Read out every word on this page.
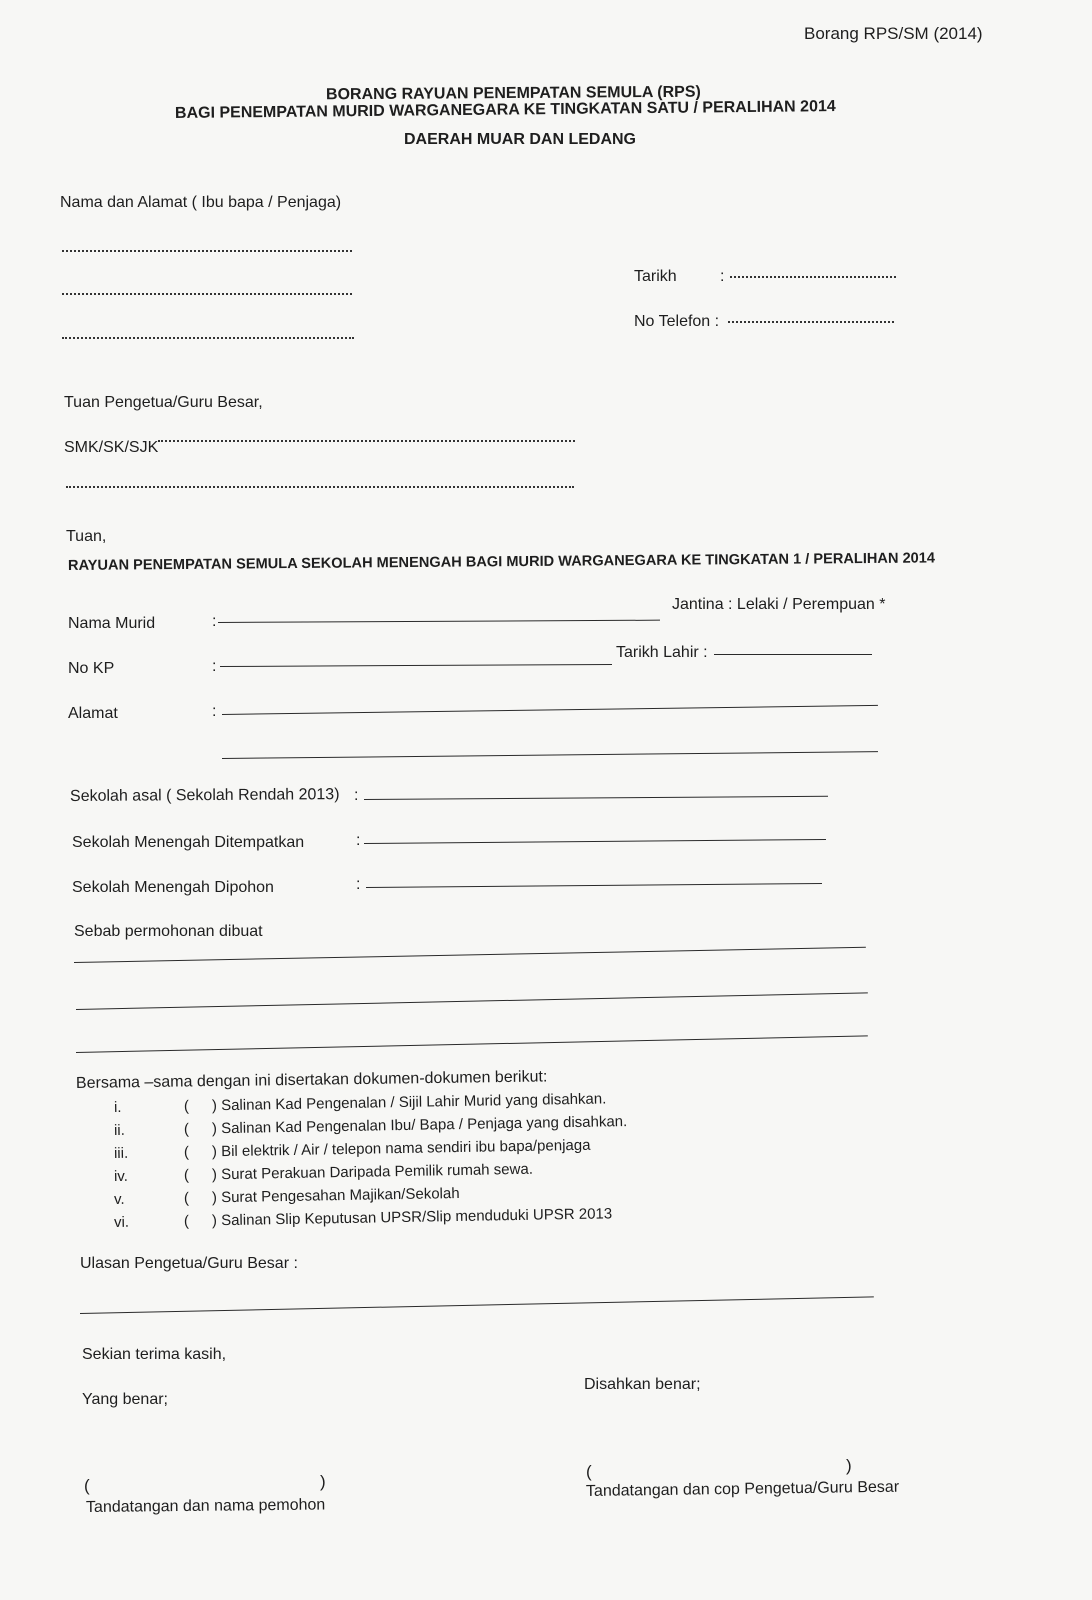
Borang RPS/SM (2014)
BORANG RAYUAN PENEMPATAN SEMULA (RPS)
BAGI PENEMPATAN MURID WARGANEGARA KE TINGKATAN SATU / PERALIHAN 2014
DAERAH MUAR DAN LEDANG
Nama dan Alamat ( Ibu bapa / Penjaga)
Tarikh	:
No Telefon :
Tuan Pengetua/Guru Besar,
SMK/SK/SJK
Tuan,
RAYUAN PENEMPATAN SEMULA SEKOLAH MENENGAH BAGI MURID WARGANEGARA KE TINGKATAN 1 / PERALIHAN 2014
Nama Murid	:
Jantina : Lelaki / Perempuan *
No KP	:
Tarikh Lahir :
Alamat	:
Sekolah asal ( Sekolah Rendah 2013) :
Sekolah Menengah Ditempatkan	:
Sekolah Menengah Dipohon	:
Sebab permohonan dibuat
Bersama –sama dengan ini disertakan dokumen-dokumen berikut:
i.	( ) Salinan Kad Pengenalan / Sijil Lahir Murid yang disahkan.
ii.	( ) Salinan Kad Pengenalan Ibu/ Bapa / Penjaga yang disahkan.
iii.	( ) Bil elektrik / Air / telepon nama sendiri ibu bapa/penjaga
iv.	( ) Surat Perakuan Daripada Pemilik rumah sewa.
v.	( ) Surat Pengesahan Majikan/Sekolah
vi.	( ) Salinan Slip Keputusan UPSR/Slip menduduki UPSR 2013
Ulasan Pengetua/Guru Besar :
Sekian terima kasih,
Yang benar;
Disahkan benar;
(	)
Tandatangan dan nama pemohon
(	)
Tandatangan dan cop Pengetua/Guru Besar
